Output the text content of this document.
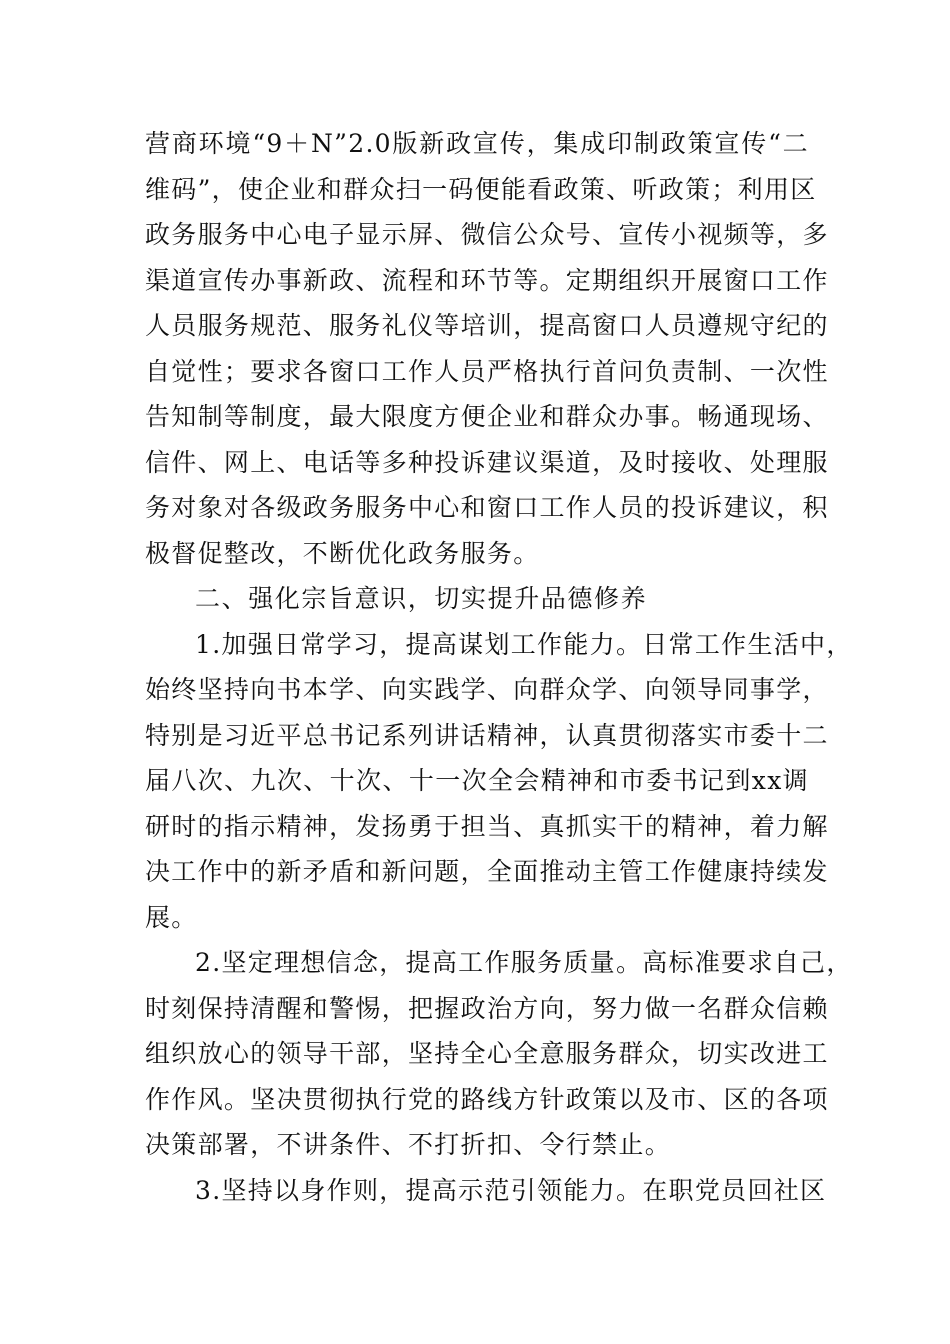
营商环境“9＋N”2.0版新政宣传，集成印制政策宣传“二
维码”，使企业和群众扫一码便能看政策、听政策；利用区
政务服务中心电子显示屏、微信公众号、宣传小视频等，多
渠道宣传办事新政、流程和环节等。定期组织开展窗口工作
人员服务规范、服务礼仪等培训，提高窗口人员遵规守纪的
自觉性；要求各窗口工作人员严格执行首问负责制、一次性
告知制等制度，最大限度方便企业和群众办事。畅通现场、
信件、网上、电话等多种投诉建议渠道，及时接收、处理服
务对象对各级政务服务中心和窗口工作人员的投诉建议，积
极督促整改，不断优化政务服务。
二、强化宗旨意识，切实提升品德修养
1.加强日常学习，提高谋划工作能力。日常工作生活中，
始终坚持向书本学、向实践学、向群众学、向领导同事学，
特别是习近平总书记系列讲话精神，认真贯彻落实市委十二
届八次、九次、十次、十一次全会精神和市委书记到xx调
研时的指示精神，发扬勇于担当、真抓实干的精神，着力解
决工作中的新矛盾和新问题，全面推动主管工作健康持续发
展。
2.坚定理想信念，提高工作服务质量。高标准要求自己，
时刻保持清醒和警惕，把握政治方向，努力做一名群众信赖
组织放心的领导干部，坚持全心全意服务群众，切实改进工
作作风。坚决贯彻执行党的路线方针政策以及市、区的各项
决策部署，不讲条件、不打折扣、令行禁止。
3.坚持以身作则，提高示范引领能力。在职党员回社区
